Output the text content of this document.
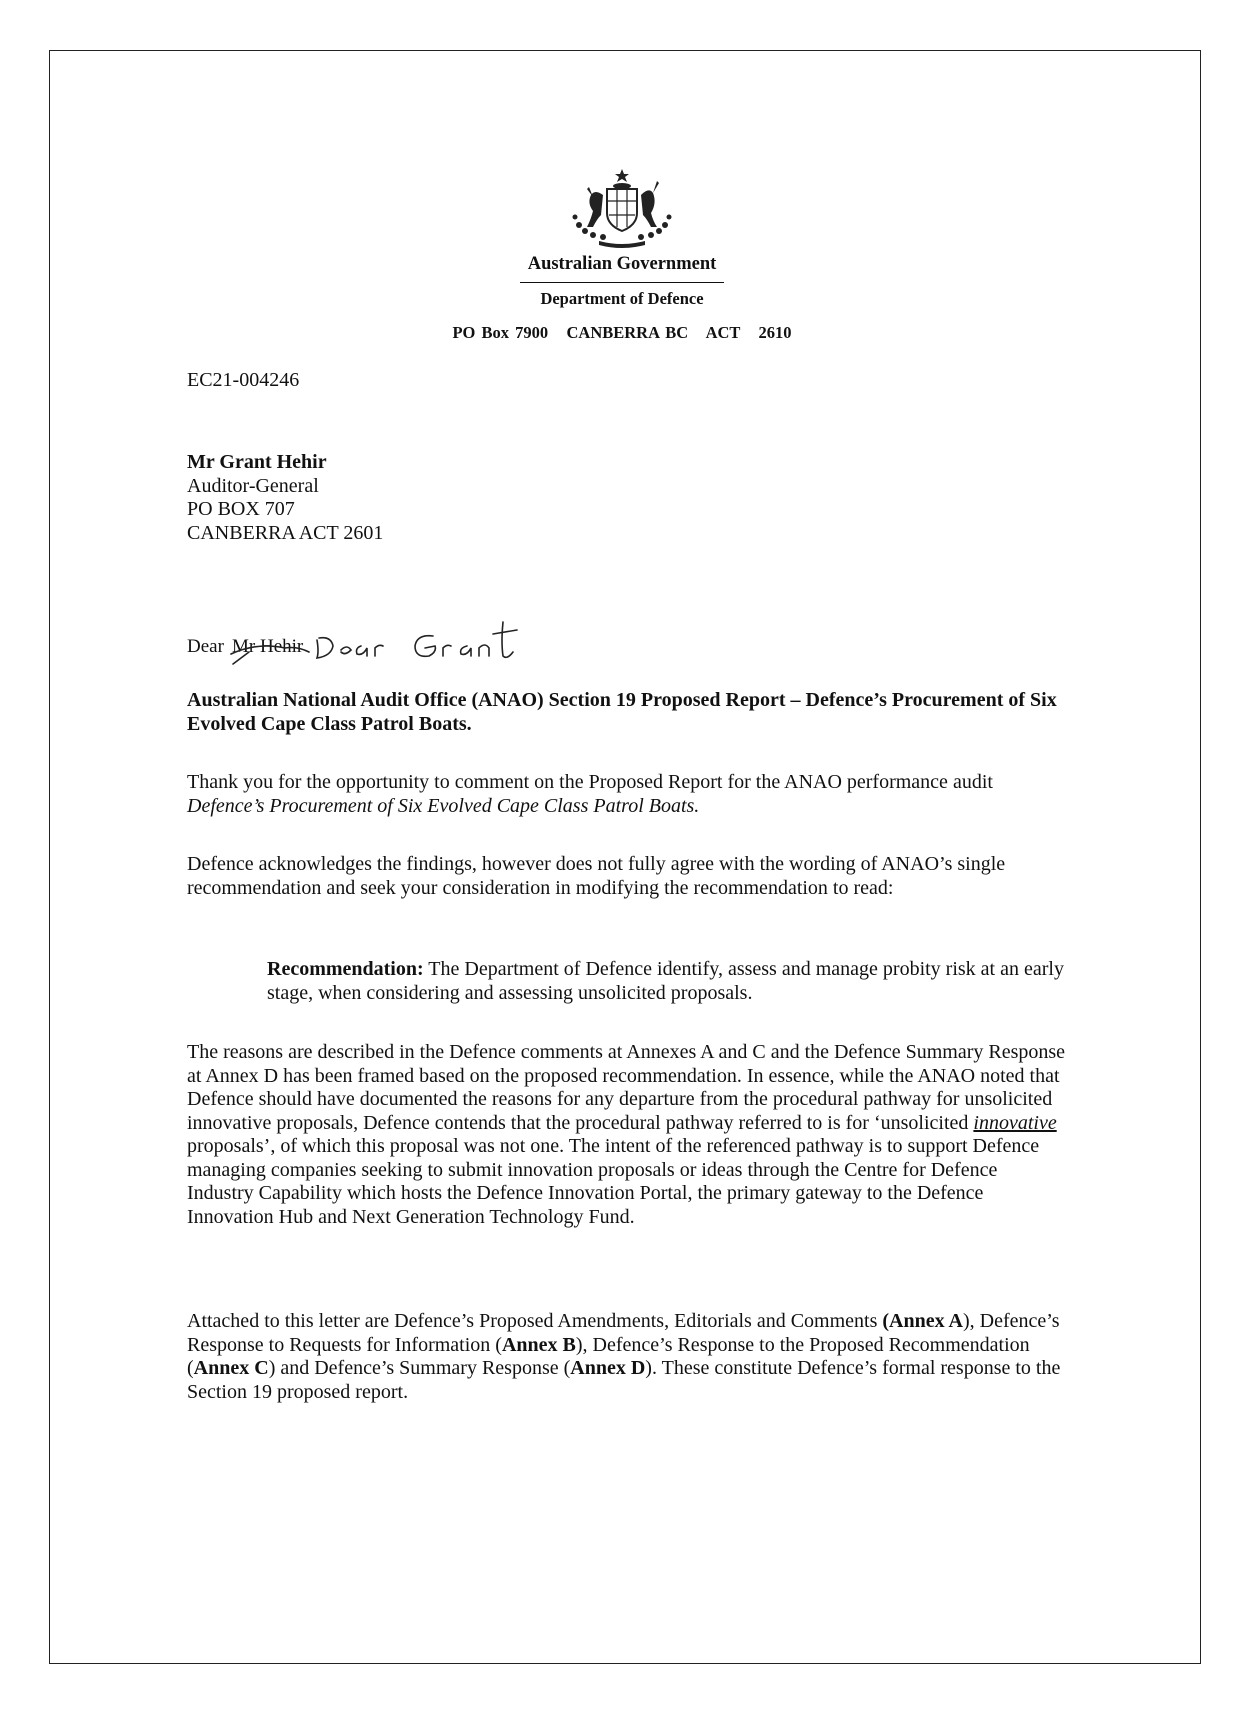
Australian Government
Department of Defence
PO Box 7900   CANBERRA BC   ACT   2610
EC21-004246
Mr Grant Hehir
Auditor-General
PO BOX 707
CANBERRA ACT 2601
Dear Mr Hehir
Australian National Audit Office (ANAO) Section 19 Proposed Report – Defence’s Procurement of Six Evolved Cape Class Patrol Boats.
Thank you for the opportunity to comment on the Proposed Report for the ANAO performance audit Defence’s Procurement of Six Evolved Cape Class Patrol Boats.
Defence acknowledges the findings, however does not fully agree with the wording of ANAO’s single recommendation and seek your consideration in modifying the recommendation to read:
Recommendation: The Department of Defence identify, assess and manage probity risk at an early stage, when considering and assessing unsolicited proposals.
The reasons are described in the Defence comments at Annexes A and C and the Defence Summary Response at Annex D has been framed based on the proposed recommendation. In essence, while the ANAO noted that Defence should have documented the reasons for any departure from the procedural pathway for unsolicited innovative proposals, Defence contends that the procedural pathway referred to is for ‘unsolicited innovative proposals’, of which this proposal was not one. The intent of the referenced pathway is to support Defence managing companies seeking to submit innovation proposals or ideas through the Centre for Defence Industry Capability which hosts the Defence Innovation Portal, the primary gateway to the Defence Innovation Hub and Next Generation Technology Fund.
Attached to this letter are Defence’s Proposed Amendments, Editorials and Comments (Annex A), Defence’s Response to Requests for Information (Annex B), Defence’s Response to the Proposed Recommendation (Annex C) and Defence’s Summary Response (Annex D). These constitute Defence’s formal response to the Section 19 proposed report.
